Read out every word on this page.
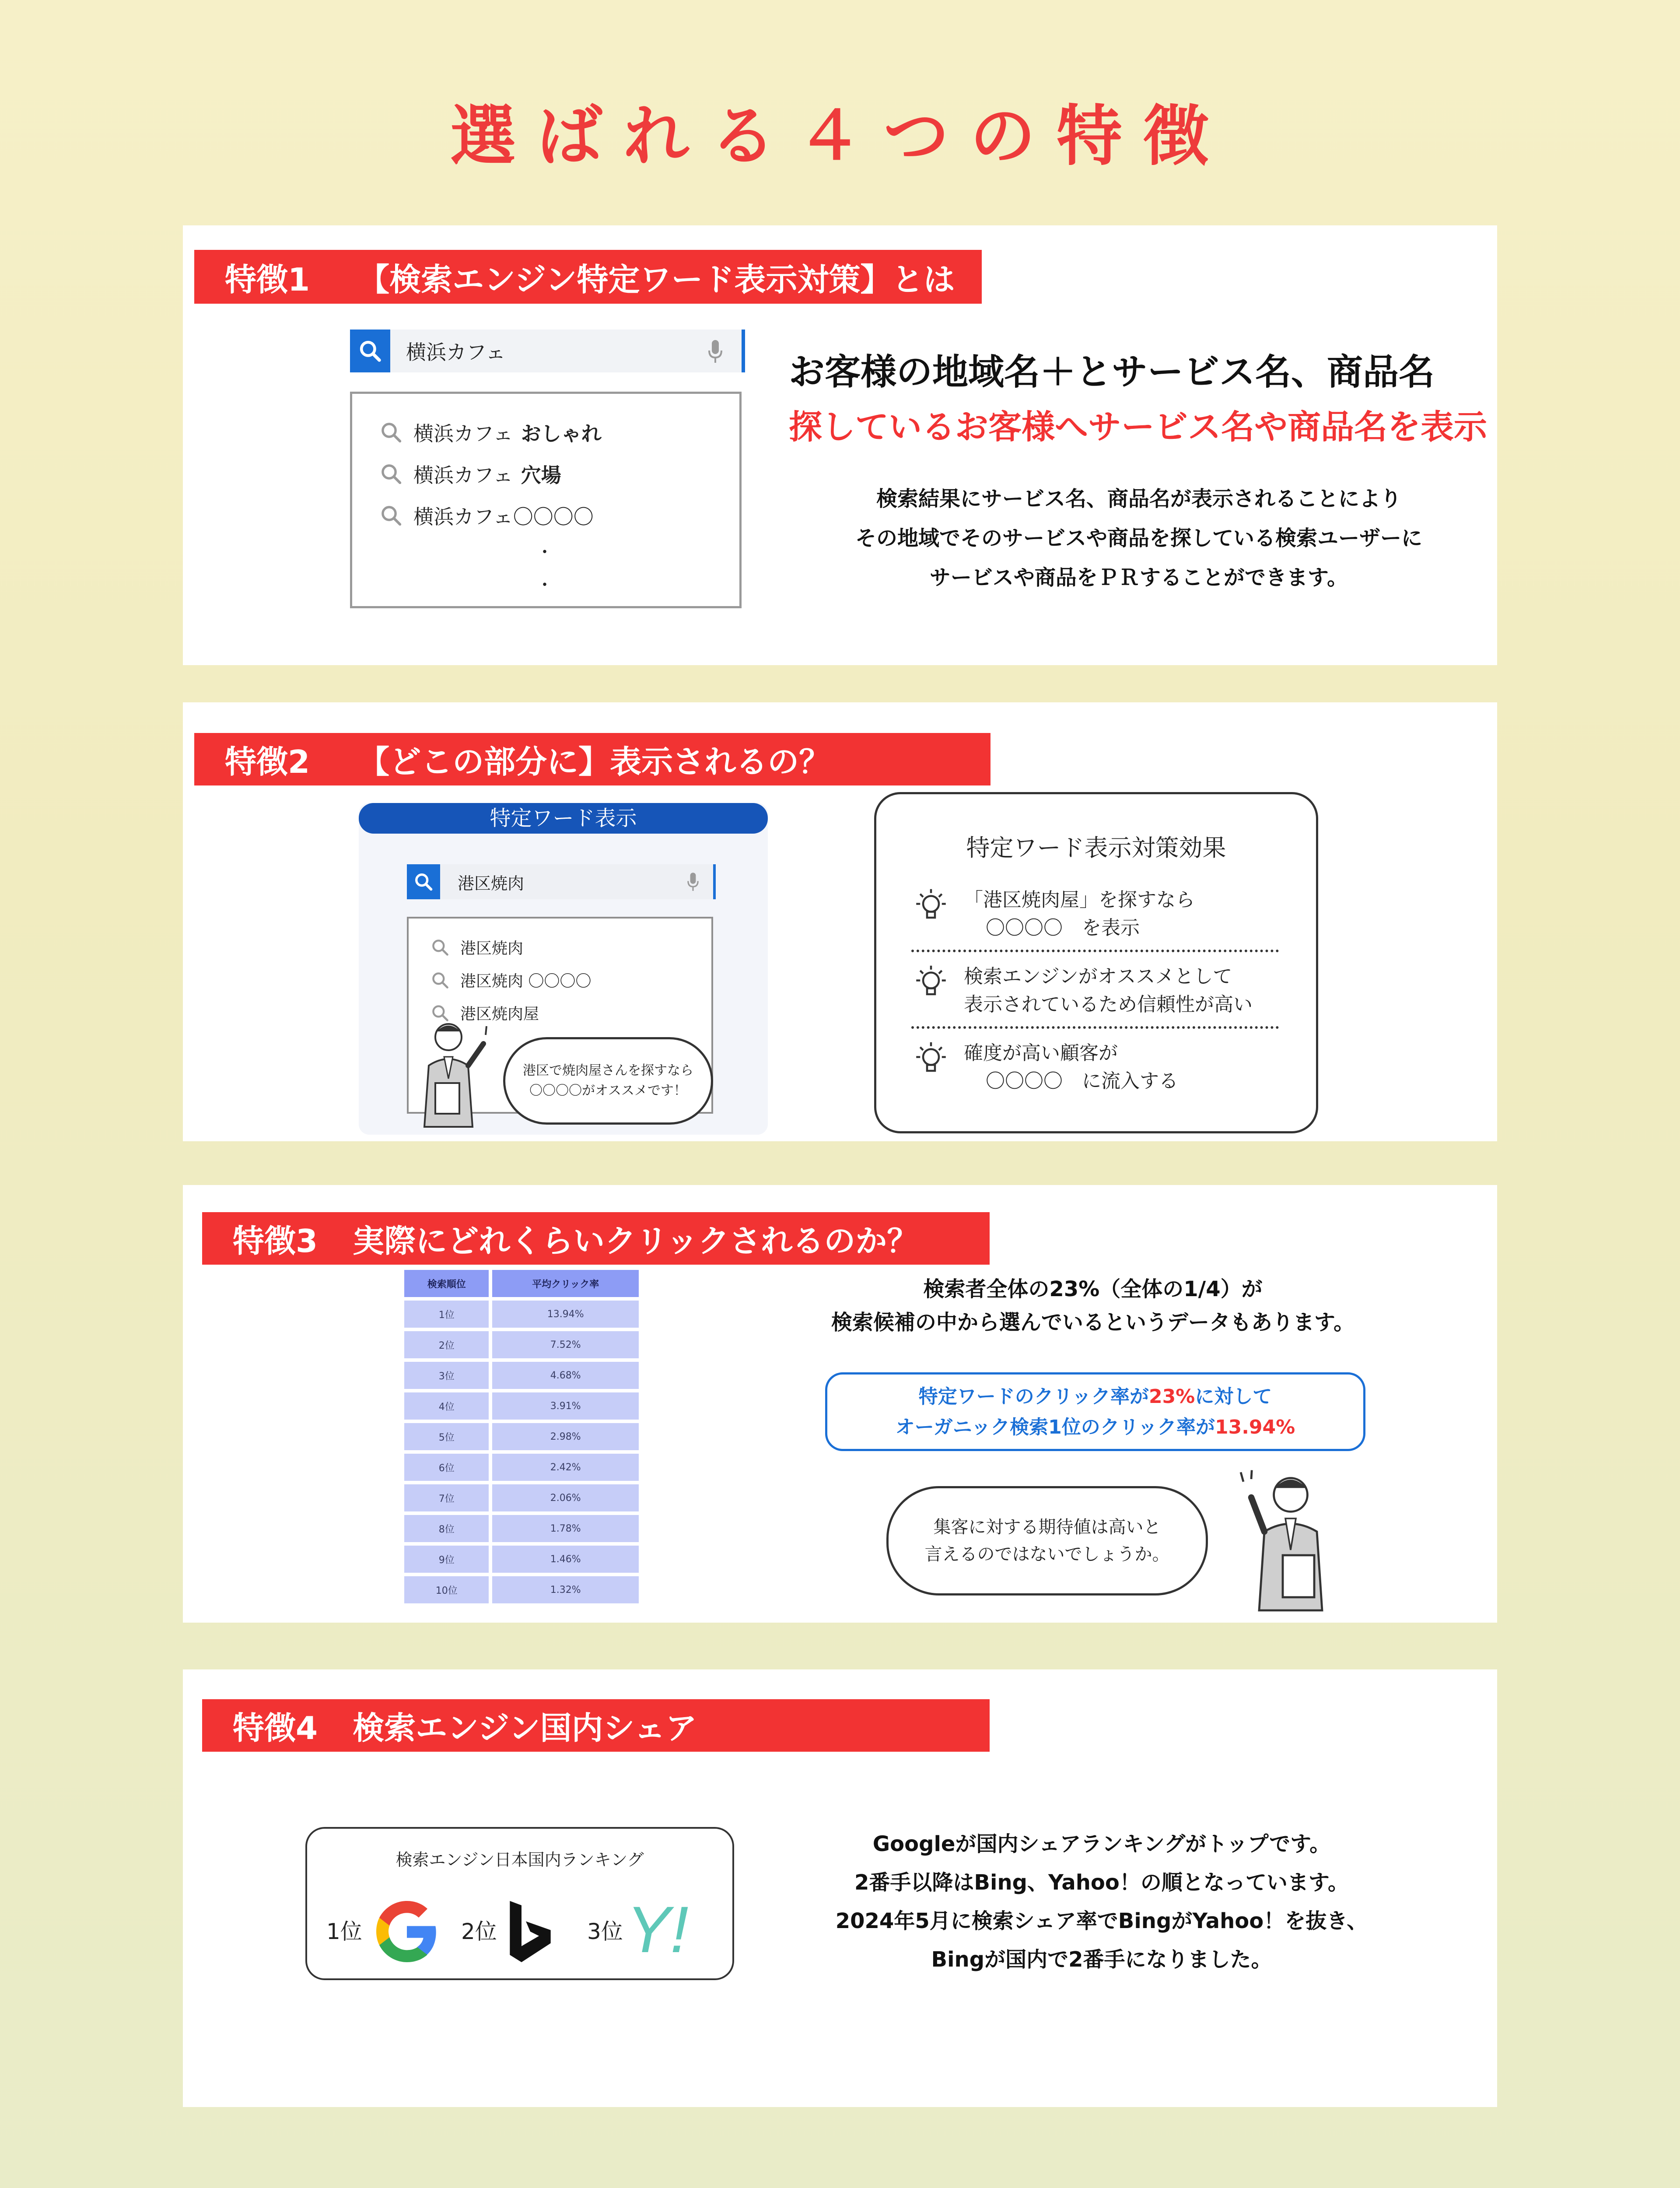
選ばれる４つの特徴
特徴1 【検索エンジン特定ワード表示対策】とは
横浜カフェ
横浜カフェ おしゃれ
横浜カフェ 穴場
横浜カフェ〇〇〇〇
・
・
お客様の地域名＋とサービス名、商品名
探しているお客様へサービス名や商品名を表示
検索結果にサービス名、商品名が表示されることにより
その地域でそのサービスや商品を探している検索ユーザーに
サービスや商品をＰＲすることができます。
特徴2 【どこの部分に】表示されるの？
特定ワード表示
港区焼肉
港区焼肉
港区焼肉 〇〇〇〇
港区焼肉屋
港区で焼肉屋さんを探すなら
〇〇〇〇がオススメです！
特定ワード表示対策効果
「港区焼肉屋」を探すなら
〇〇〇〇　を表示
検索エンジンがオススメとして
表示されているため信頼性が高い
確度が高い顧客が
〇〇〇〇　に流入する
特徴3 実際にどれくらいクリックされるのか？
検索順位	平均クリック率
1位	13.94%
2位	7.52%
3位	4.68%
4位	3.91%
5位	2.98%
6位	2.42%
7位	2.06%
8位	1.78%
9位	1.46%
10位	1.32%
検索者全体の23%（全体の1/4）が
検索候補の中から選んでいるというデータもあります。
特定ワードのクリック率が23%に対して
オーガニック検索1位のクリック率が13.94%
集客に対する期待値は高いと
言えるのではないでしょうか。
特徴4 検索エンジン国内シェア
検索エンジン日本国内ランキング
1位	2位	3位 Y!
Googleが国内シェアランキングがトップです。
2番手以降はBing、Yahoo！の順となっています。
2024年5月に検索シェア率でBingがYahoo！を抜き、
Bingが国内で2番手になりました。
